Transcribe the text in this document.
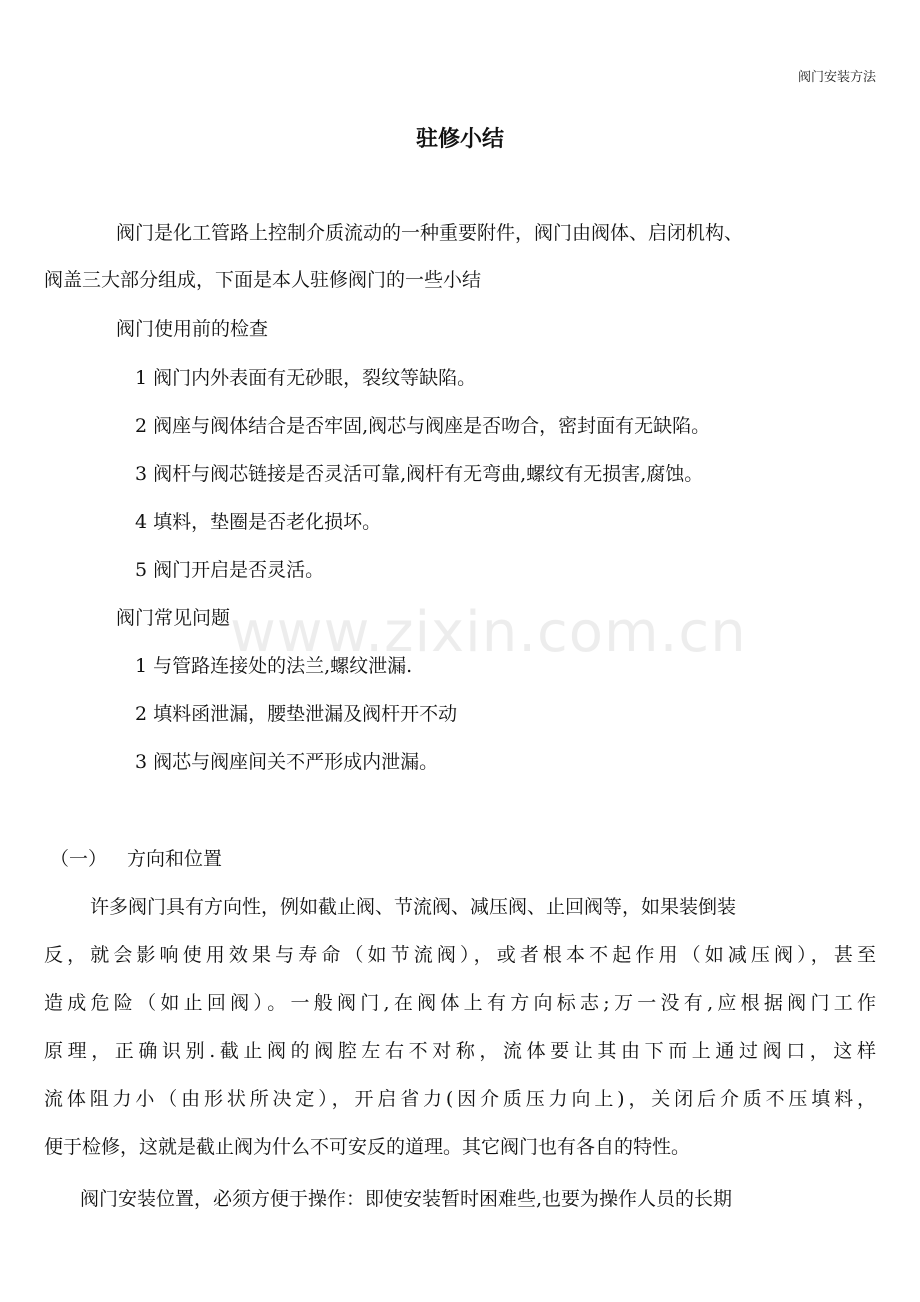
阀门安装方法
驻修小结
阀门是化工管路上控制介质流动的一种重要附件，阀门由阀体、启闭机构、
阀盖三大部分组成，下面是本人驻修阀门的一些小结
阀门使用前的检查
1 阀门内外表面有无砂眼，裂纹等缺陷。
2 阀座与阀体结合是否牢固,阀芯与阀座是否吻合，密封面有无缺陷。
3 阀杆与阀芯链接是否灵活可靠,阀杆有无弯曲,螺纹有无损害,腐蚀。
4 填料，垫圈是否老化损坏。
5 阀门开启是否灵活。
阀门常见问题
1 与管路连接处的法兰,螺纹泄漏.
2 填料函泄漏，腰垫泄漏及阀杆开不动
3 阀芯与阀座间关不严形成内泄漏。
（一） 方向和位置
许多阀门具有方向性，例如截止阀、节流阀、减压阀、止回阀等，如果装倒装
反，就会影响使用效果与寿命（如节流阀），或者根本不起作用（如减压阀），甚至
造成危险（如止回阀）。一般阀门,在阀体上有方向标志;万一没有,应根据阀门工作
原理，正确识别.截止阀的阀腔左右不对称，流体要让其由下而上通过阀口，这样
流体阻力小（由形状所决定），开启省力(因介质压力向上)，关闭后介质不压填料，
便于检修，这就是截止阀为什么不可安反的道理。其它阀门也有各自的特性。
阀门安装位置，必须方便于操作：即使安装暂时困难些,也要为操作人员的长期
www.zixin.com.cn
